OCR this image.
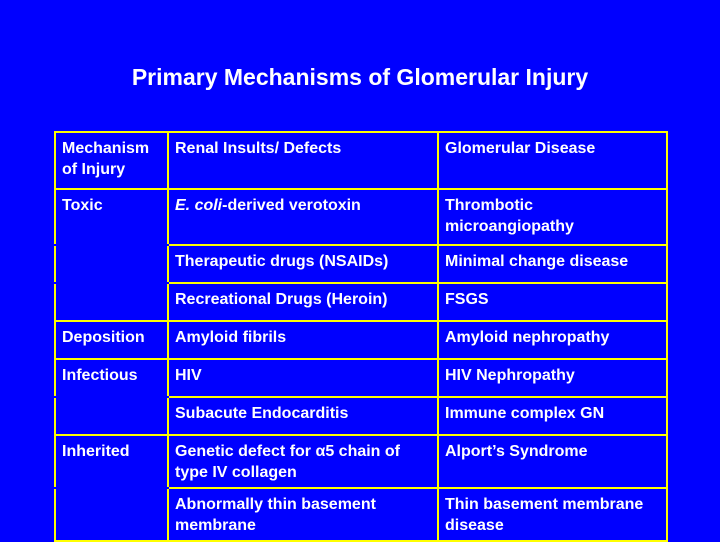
Primary Mechanisms of Glomerular Injury
Mechanism of Injury	Renal Insults/ Defects	Glomerular Disease
Toxic	E. coli-derived verotoxin	Thrombotic microangiopathy
	Therapeutic drugs (NSAIDs)	Minimal change disease
	Recreational Drugs (Heroin)	FSGS
Deposition	Amyloid fibrils	Amyloid nephropathy
Infectious	HIV	HIV Nephropathy
	Subacute Endocarditis	Immune complex GN
Inherited	Genetic defect for α5 chain of type IV collagen	Alport’s Syndrome
	Abnormally thin basement membrane	Thin basement membrane disease
